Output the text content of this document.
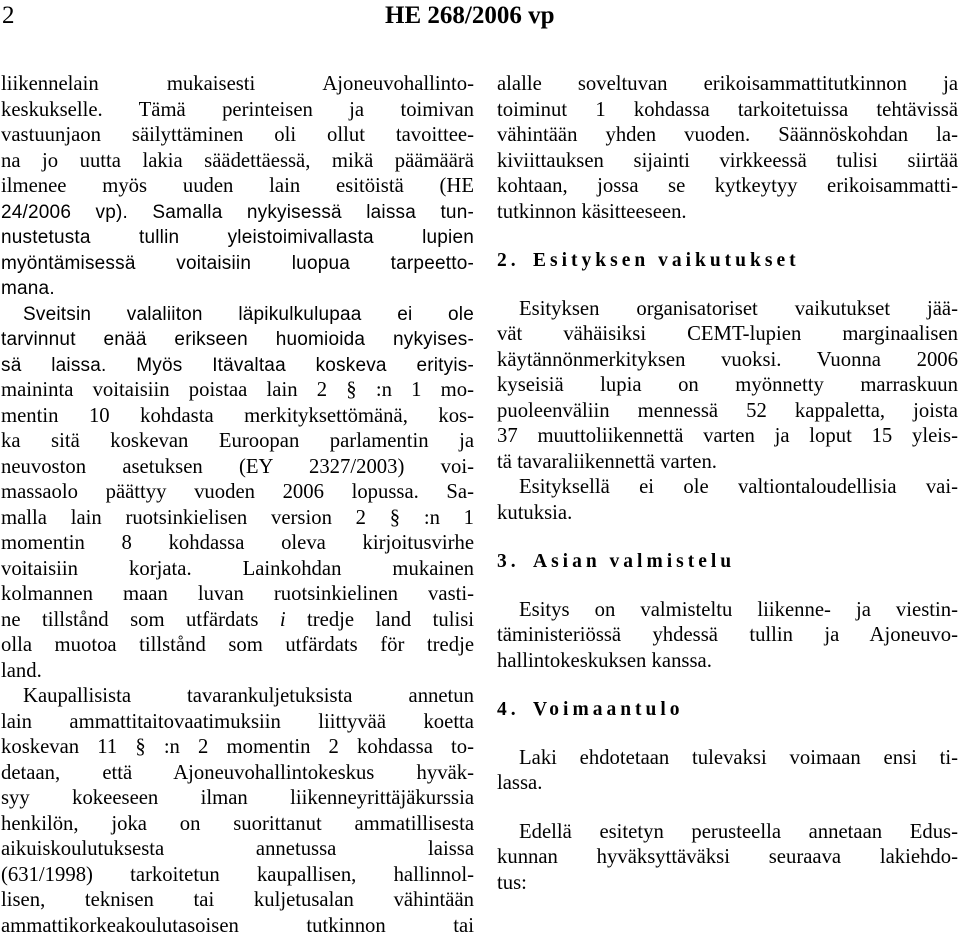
2	HE 268/2006 vp
liikennelain mukaisesti Ajoneuvohallinto-
keskukselle. Tämä perinteisen ja toimivan
vastuunjaon säilyttäminen oli ollut tavoittee-
na jo uutta lakia säädettäessä, mikä päämäärä
ilmenee myös uuden lain esitöistä (HE
24/2006 vp). Samalla nykyisessä laissa tun-
nustetusta tullin yleistoimivallasta lupien
myöntämisessä voitaisiin luopua tarpeetto-
mana.
Sveitsin valaliiton läpikulkulupaa ei ole
tarvinnut enää erikseen huomioida nykyises-
sä laissa. Myös Itävaltaa koskeva erityis-
maininta voitaisiin poistaa lain 2 § :n 1 mo-
mentin 10 kohdasta merkityksettömänä, kos-
ka sitä koskevan Euroopan parlamentin ja
neuvoston asetuksen (EY 2327/2003) voi-
massaolo päättyy vuoden 2006 lopussa. Sa-
malla lain ruotsinkielisen version 2 § :n 1
momentin 8 kohdassa oleva kirjoitusvirhe
voitaisiin korjata. Lainkohdan mukainen
kolmannen maan luvan ruotsinkielinen vasti-
ne tillstånd som utfärdats i tredje land tulisi
olla muotoa tillstånd som utfärdats för tredje
land.
Kaupallisista tavarankuljetuksista annetun
lain ammattitaitovaatimuksiin liittyvää koetta
koskevan 11 § :n 2 momentin 2 kohdassa to-
detaan, että Ajoneuvohallintokeskus hyväk-
syy kokeeseen ilman liikenneyrittäjäkurssia
henkilön, joka on suorittanut ammatillisesta
aikuiskoulutuksesta annetussa laissa
(631/1998) tarkoitetun kaupallisen, hallinnol-
lisen, teknisen tai kuljetusalan vähintään
ammattikorkeakoulutasoisen tutkinnon tai
alalle soveltuvan erikoisammattitutkinnon ja
toiminut 1 kohdassa tarkoitetuissa tehtävissä
vähintään yhden vuoden. Säännöskohdan la-
kiviittauksen sijainti virkkeessä tulisi siirtää
kohtaan, jossa se kytkeytyy erikoisammatti-
tutkinnon käsitteeseen.
2. Esityksen vaikutukset
Esityksen organisatoriset vaikutukset jää-
vät vähäisiksi CEMT-lupien marginaalisen
käytännönmerkityksen vuoksi. Vuonna 2006
kyseisiä lupia on myönnetty marraskuun
puoleenväliin mennessä 52 kappaletta, joista
37 muuttoliikennettä varten ja loput 15 yleis-
tä tavaraliikennettä varten.
Esityksellä ei ole valtiontaloudellisia vai-
kutuksia.
3. Asian valmistelu
Esitys on valmisteltu liikenne- ja viestin-
täministeriössä yhdessä tullin ja Ajoneuvo-
hallintokeskuksen kanssa.
4. Voimaantulo
Laki ehdotetaan tulevaksi voimaan ensi ti-
lassa.
Edellä esitetyn perusteella annetaan Edus-
kunnan hyväksyttäväksi seuraava lakiehdo-
tus:
